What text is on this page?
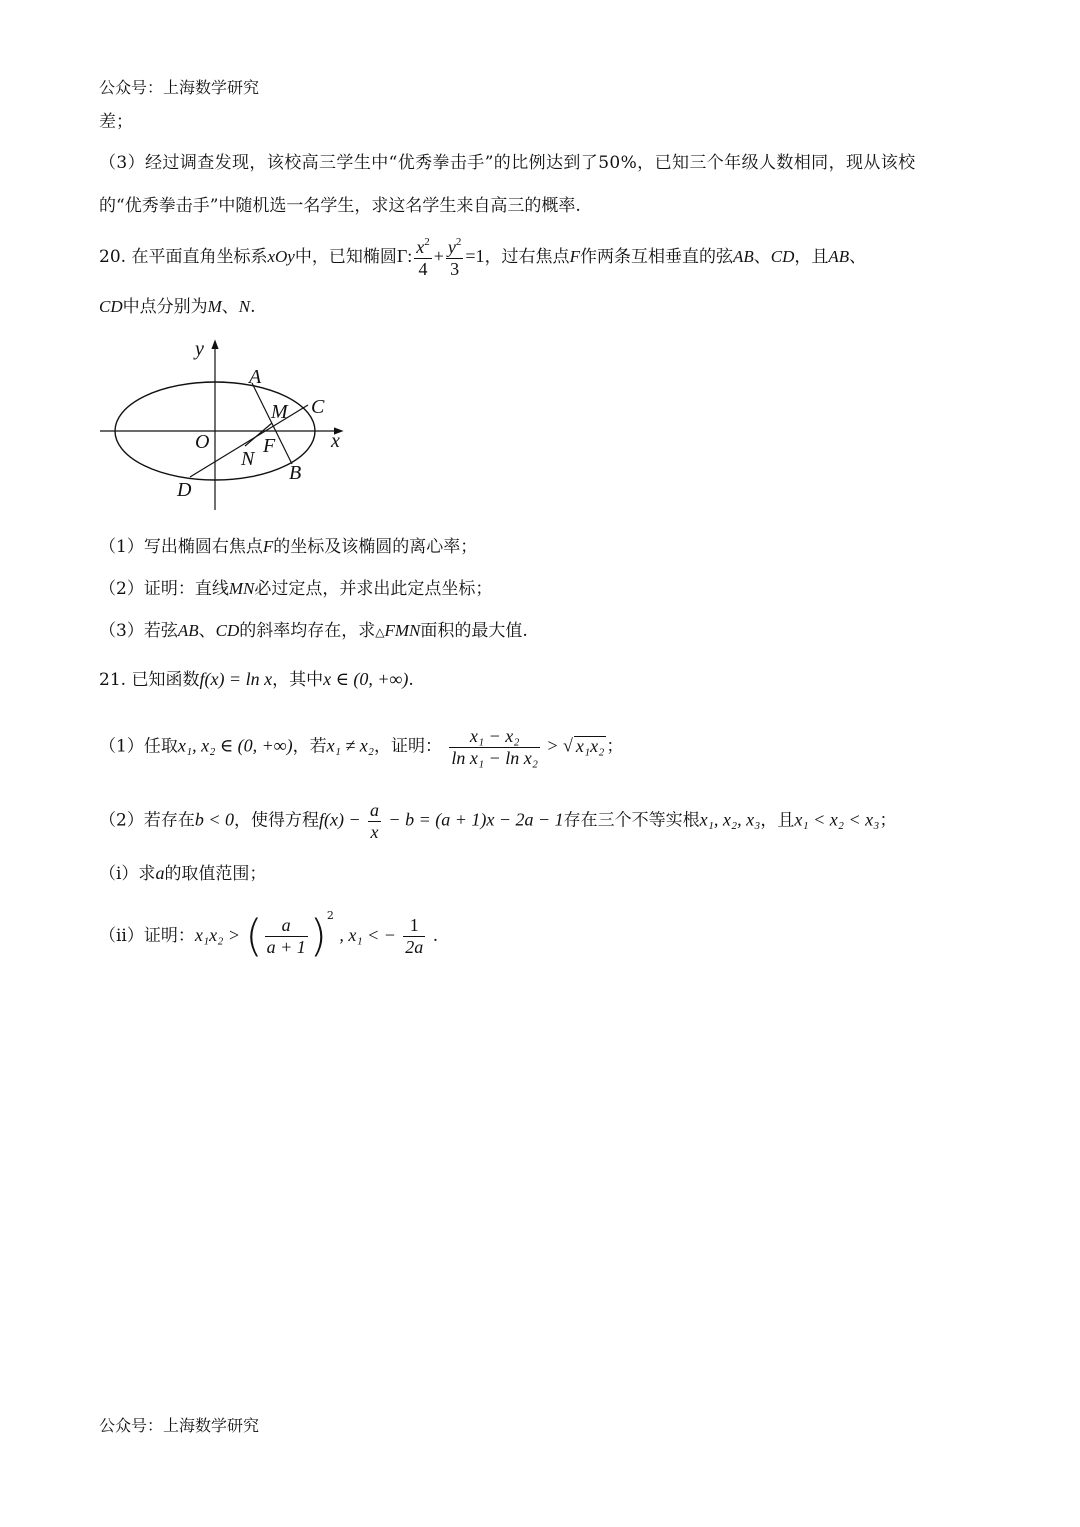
公众号：上海数学研究
差；
（3）经过调查发现，该校高三学生中“优秀拳击手”的比例达到了50%，已知三个年级人数相同，现从该校
的“优秀拳击手”中随机选一名学生，求这名学生来自高三的概率.
20. 在平面直角坐标系xOy中，已知椭圆Γ: $\frac{x^2}{4} + \frac{y^2}{3} =1$，过右焦点F作两条互相垂直的弦AB、CD，且AB、
CD中点分别为M、N.
y
x
O
A
B
C
D
M
N
F
（1）写出椭圆右焦点F的坐标及该椭圆的离心率；
（2）证明：直线MN必过定点，并求出此定点坐标；
（3）若弦AB、CD的斜率均存在，求△FMN面积的最大值.
21. 已知函数f(x) = ln x，其中x ∈ (0, +∞).
（1）任取x₁, x₂ ∈ (0, +∞)，若x₁ ≠ x₂，证明： $\frac{\text{x₁ − x₂}}{\text{ln x₁ − ln x₂}}$ > √ x₁x₂ ；
（2）若存在b < 0，使得方程$f(x) - \frac{a}{x} - b = (a + 1)x - 2a - 1$存在三个不等实根x₁, x₂, x₃，且x₁ < x₂ < x₃；
（i）求a的取值范围；
（ii）证明：x₁x₂ > ( $\frac{a}{a + 1} )^2$ , x₁ < − $\frac{1}{2a}$ .
公众号：上海数学研究
